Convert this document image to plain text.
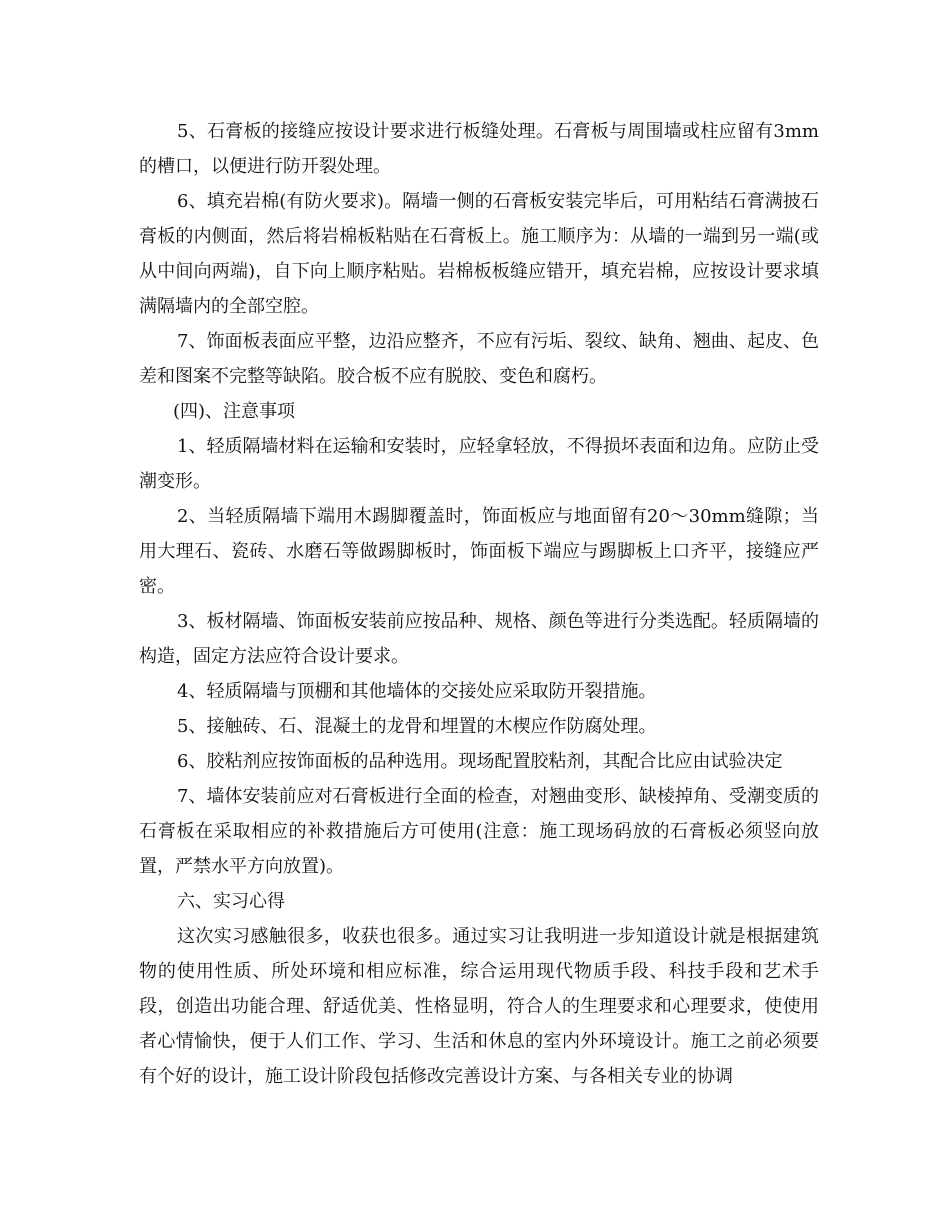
5、石膏板的接缝应按设计要求进行板缝处理。石膏板与周围墙或柱应留有3mm的槽口，以便进行防开裂处理。

6、填充岩棉(有防火要求)。隔墙一侧的石膏板安装完毕后，可用粘结石膏满披石膏板的内侧面，然后将岩棉板粘贴在石膏板上。施工顺序为：从墙的一端到另一端(或从中间向两端)，自下向上顺序粘贴。岩棉板板缝应错开，填充岩棉，应按设计要求填满隔墙内的全部空腔。

7、饰面板表面应平整，边沿应整齐，不应有污垢、裂纹、缺角、翘曲、起皮、色差和图案不完整等缺陷。胶合板不应有脱胶、变色和腐朽。

(四)、注意事项

1、轻质隔墙材料在运输和安装时，应轻拿轻放，不得损坏表面和边角。应防止受潮变形。

2、当轻质隔墙下端用木踢脚覆盖时，饰面板应与地面留有20～30mm缝隙；当用大理石、瓷砖、水磨石等做踢脚板时，饰面板下端应与踢脚板上口齐平，接缝应严密。

3、板材隔墙、饰面板安装前应按品种、规格、颜色等进行分类选配。轻质隔墙的构造，固定方法应符合设计要求。

4、轻质隔墙与顶棚和其他墙体的交接处应采取防开裂措施。

5、接触砖、石、混凝土的龙骨和埋置的木楔应作防腐处理。

6、胶粘剂应按饰面板的品种选用。现场配置胶粘剂，其配合比应由试验决定

7、墙体安装前应对石膏板进行全面的检查，对翘曲变形、缺棱掉角、受潮变质的石膏板在采取相应的补救措施后方可使用(注意：施工现场码放的石膏板必须竖向放置，严禁水平方向放置)。

六、实习心得

这次实习感触很多，收获也很多。通过实习让我明进一步知道设计就是根据建筑物的使用性质、所处环境和相应标准，综合运用现代物质手段、科技手段和艺术手段，创造出功能合理、舒适优美、性格显明，符合人的生理要求和心理要求，使使用者心情愉快，便于人们工作、学习、生活和休息的室内外环境设计。施工之前必须要有个好的设计，施工设计阶段包括修改完善设计方案、与各相关专业的协调
